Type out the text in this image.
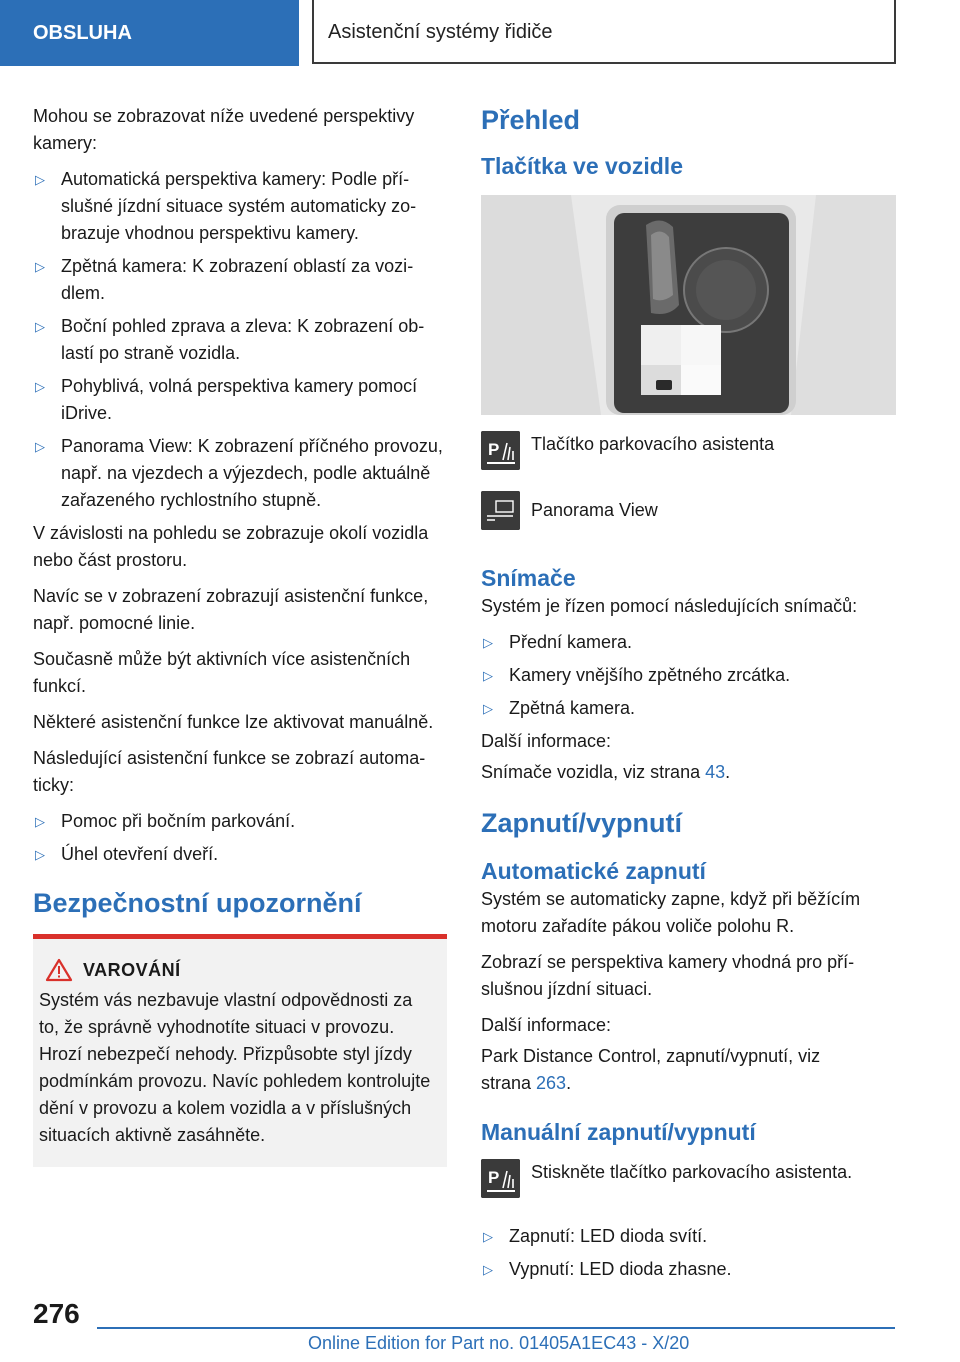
OBSLUHA	Asistenční systémy řidiče

Mohou se zobrazovat níže uvedené perspektivy kamery:

▷ Automatická perspektiva kamery: Podle příslušné jízdní situace systém automaticky zobrazuje vhodnou perspektivu kamery.
▷ Zpětná kamera: K zobrazení oblastí za vozidlem.
▷ Boční pohled zprava a zleva: K zobrazení oblastí po straně vozidla.
▷ Pohyblivá, volná perspektiva kamery pomocí iDrive.
▷ Panorama View: K zobrazení příčného provozu, např. na vjezdech a výjezdech, podle aktuálně zařazeného rychlostního stupně.

V závislosti na pohledu se zobrazuje okolí vozidla nebo část prostoru.

Navíc se v zobrazení zobrazují asistenční funkce, např. pomocné linie.

Současně může být aktivních více asistenčních funkcí.

Některé asistenční funkce lze aktivovat manuálně.

Následující asistenční funkce se zobrazí automaticky:

▷ Pomoc při bočním parkování.
▷ Úhel otevření dveří.
Bezpečnostní upozornění
VAROVÁNÍ

Systém vás nezbavuje vlastní odpovědnosti za to, že správně vyhodnotíte situaci v provozu. Hrozí nebezpečí nehody. Přizpůsobte styl jízdy podmínkám provozu. Navíc pohledem kontrolujte dění v provozu a kolem vozidla a v příslušných situacích aktivně zasáhněte.

Přehled
Tlačítka ve vozidle
P	Tlačítko parkovacího asistenta
Panorama View
Snímače

Systém je řízen pomocí následujících snímačů:

▷ Přední kamera.
▷ Kamery vnějšího zpětného zrcátka.
▷ Zpětná kamera.

Další informace:

Snímače vozidla, viz strana 43.

Zapnutí/vypnutí
Automatické zapnutí

Systém se automaticky zapne, když při běžícím motoru zařadíte pákou voliče polohu R.

Zobrazí se perspektiva kamery vhodná pro příslušnou jízdní situaci.

Další informace:

Park Distance Control, zapnutí/vypnutí, viz
strana 263.

Manuální zapnutí/vypnutí
P	Stiskněte tlačítko parkovacího asistenta.
▷ Zapnutí: LED dioda svítí.
▷ Vypnutí: LED dioda zhasne.
276
Online Edition for Part no. 01405A1EC43 - X/20
